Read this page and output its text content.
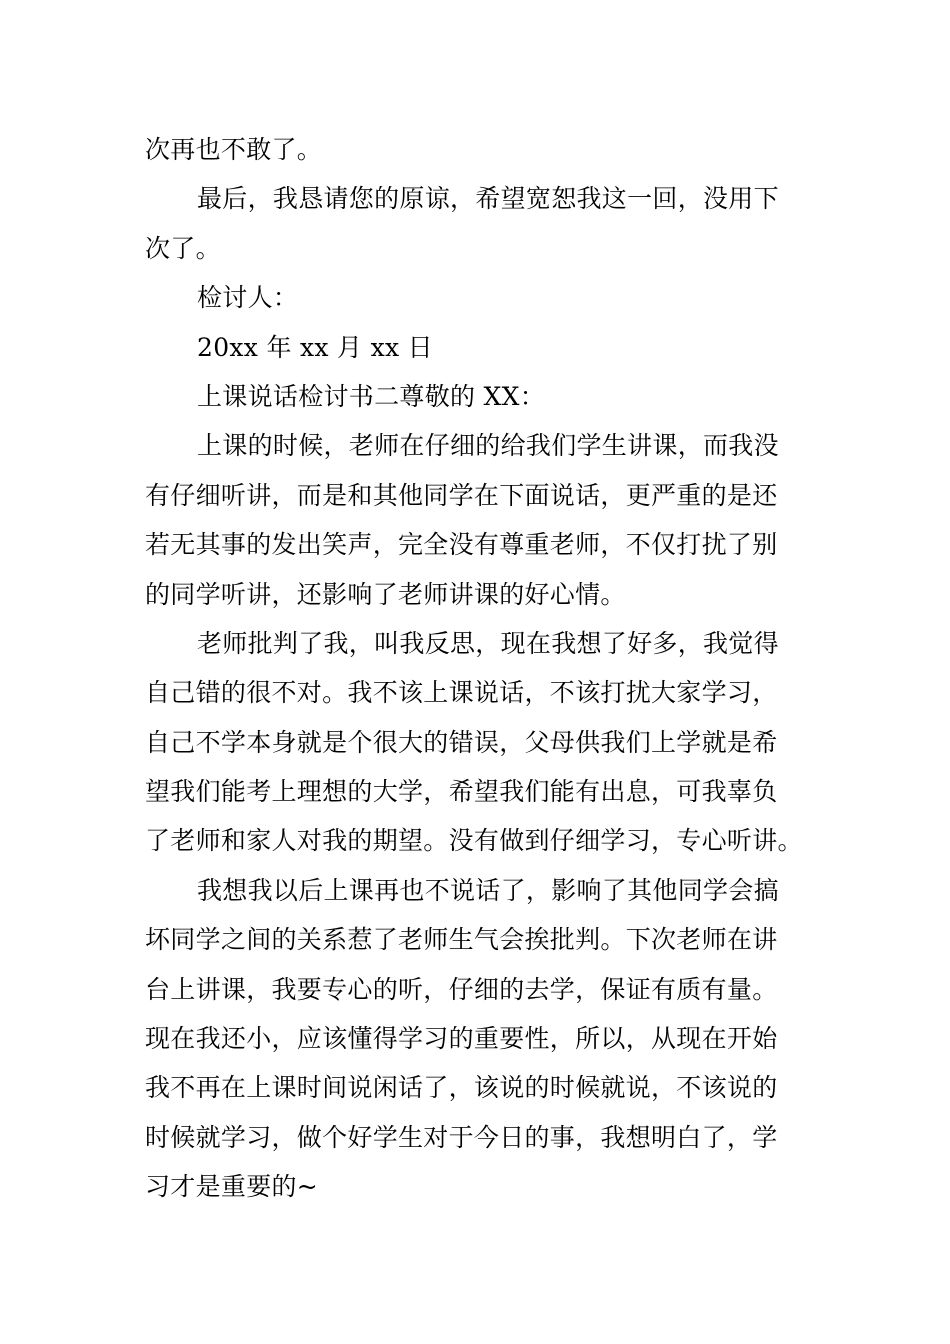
次再也不敢了。
最后，我恳请您的原谅，希望宽恕我这一回，没用下
次了。
检讨人：
20xx 年 xx 月 xx 日
上课说话检讨书二尊敬的 XX：
上课的时候，老师在仔细的给我们学生讲课，而我没
有仔细听讲，而是和其他同学在下面说话，更严重的是还
若无其事的发出笑声，完全没有尊重老师，不仅打扰了别
的同学听讲，还影响了老师讲课的好心情。
老师批判了我，叫我反思，现在我想了好多，我觉得
自己错的很不对。我不该上课说话，不该打扰大家学习，
自己不学本身就是个很大的错误，父母供我们上学就是希
望我们能考上理想的大学，希望我们能有出息，可我辜负
了老师和家人对我的期望。没有做到仔细学习，专心听讲。
我想我以后上课再也不说话了，影响了其他同学会搞
坏同学之间的关系惹了老师生气会挨批判。下次老师在讲
台上讲课，我要专心的听，仔细的去学，保证有质有量。
现在我还小，应该懂得学习的重要性，所以，从现在开始
我不再在上课时间说闲话了，该说的时候就说，不该说的
时候就学习，做个好学生对于今日的事，我想明白了，学
习才是重要的~
